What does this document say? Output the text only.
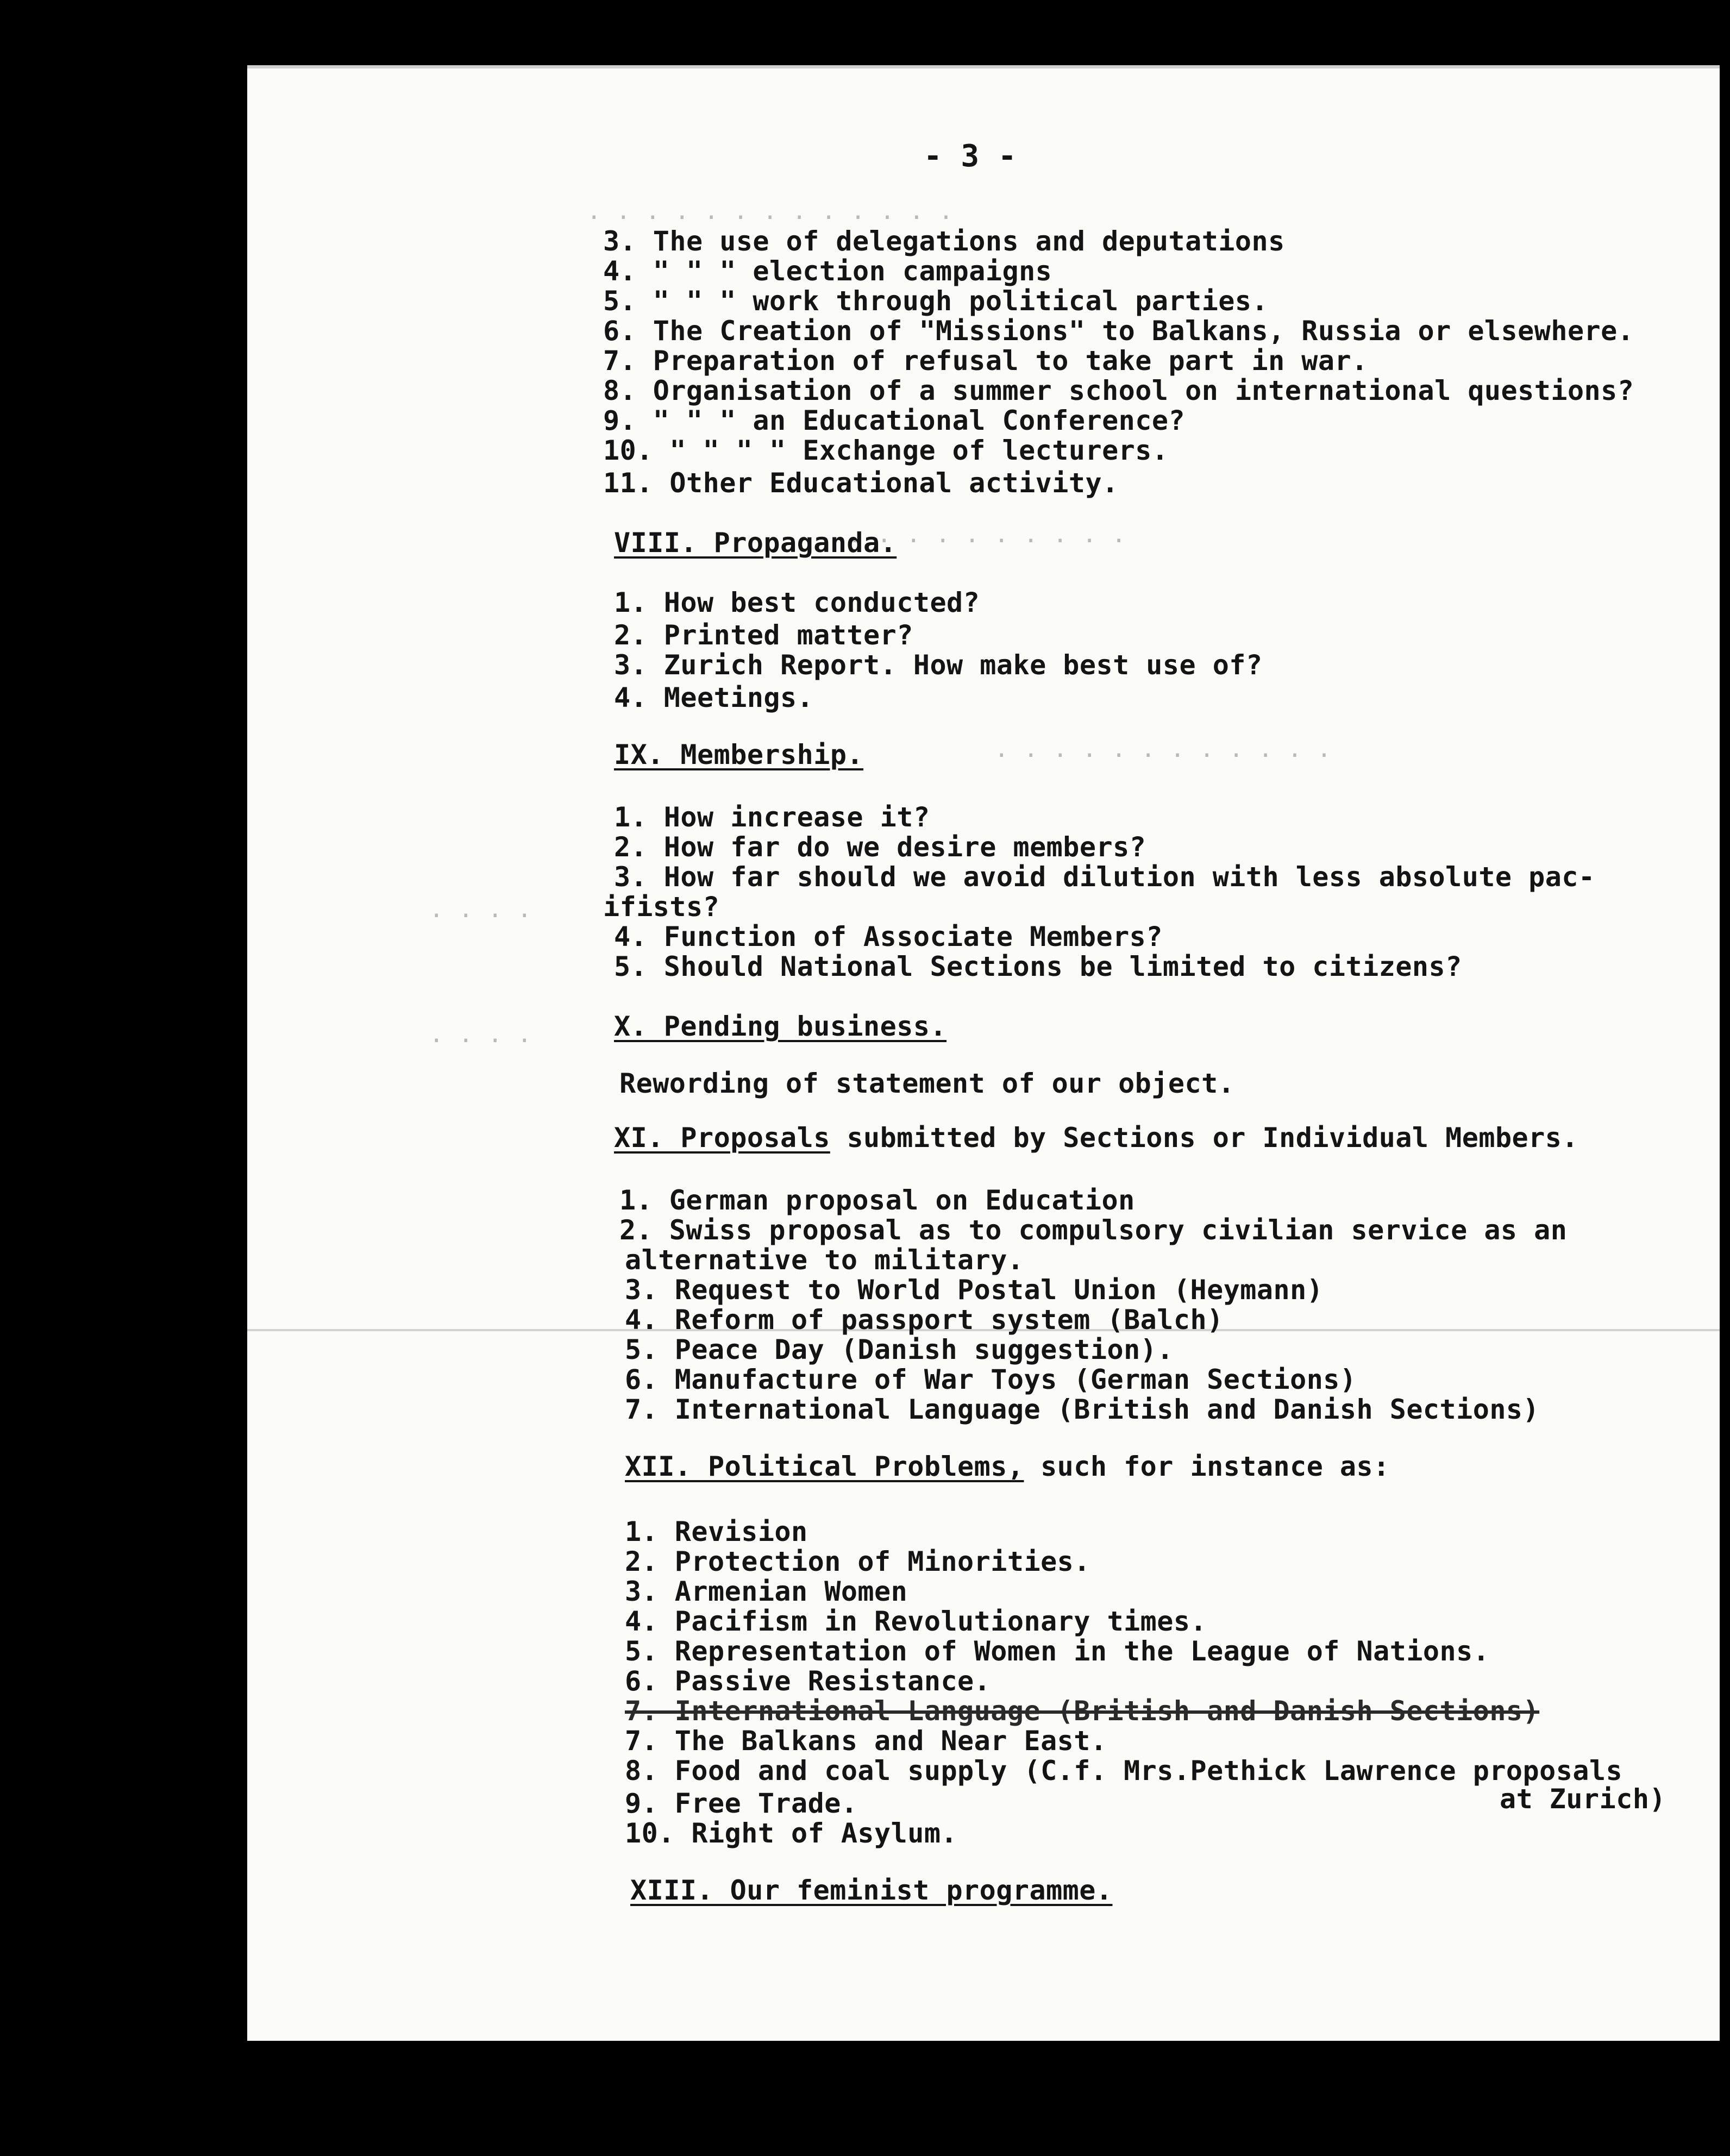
- 3 -
· · · · · · · · · · · · ·
· · · · · · · · · ·
· · · · · · · · · · · ·
· · · ·
· · · ·
3. The use of delegations and deputations
4. " " " election campaigns
5. " " " work through political parties.
6. The Creation of "Missions" to Balkans, Russia or elsewhere.
7. Preparation of refusal to take part in war.
8. Organisation of a summer school on international questions?
9. " " " an Educational Conference?
10. " " " " Exchange of lecturers.
11. Other Educational activity.
VIII. Propaganda.
1. How best conducted?
2. Printed matter?
3. Zurich Report. How make best use of?
4. Meetings.
IX. Membership.
1. How increase it?
2. How far do we desire members?
3. How far should we avoid dilution with less absolute pac-
ifists?
4. Function of Associate Members?
5. Should National Sections be limited to citizens?
X. Pending business.
Rewording of statement of our object.
XI. Proposals submitted by Sections or Individual Members.
1. German proposal on Education
2. Swiss proposal as to compulsory civilian service as an
alternative to military.
3. Request to World Postal Union (Heymann)
4. Reform of passport system (Balch)
5. Peace Day (Danish suggestion).
6. Manufacture of War Toys (German Sections)
7. International Language (British and Danish Sections)
XII. Political Problems, such for instance as:
1. Revision
2. Protection of Minorities.
3. Armenian Women
4. Pacifism in Revolutionary times.
5. Representation of Women in the League of Nations.
6. Passive Resistance.
7. International Language (British and Danish Sections)
7. The Balkans and Near East.
8. Food and coal supply (C.f. Mrs.Pethick Lawrence proposals
at Zurich)
9. Free Trade.
10. Right of Asylum.
XIII. Our feminist programme.
